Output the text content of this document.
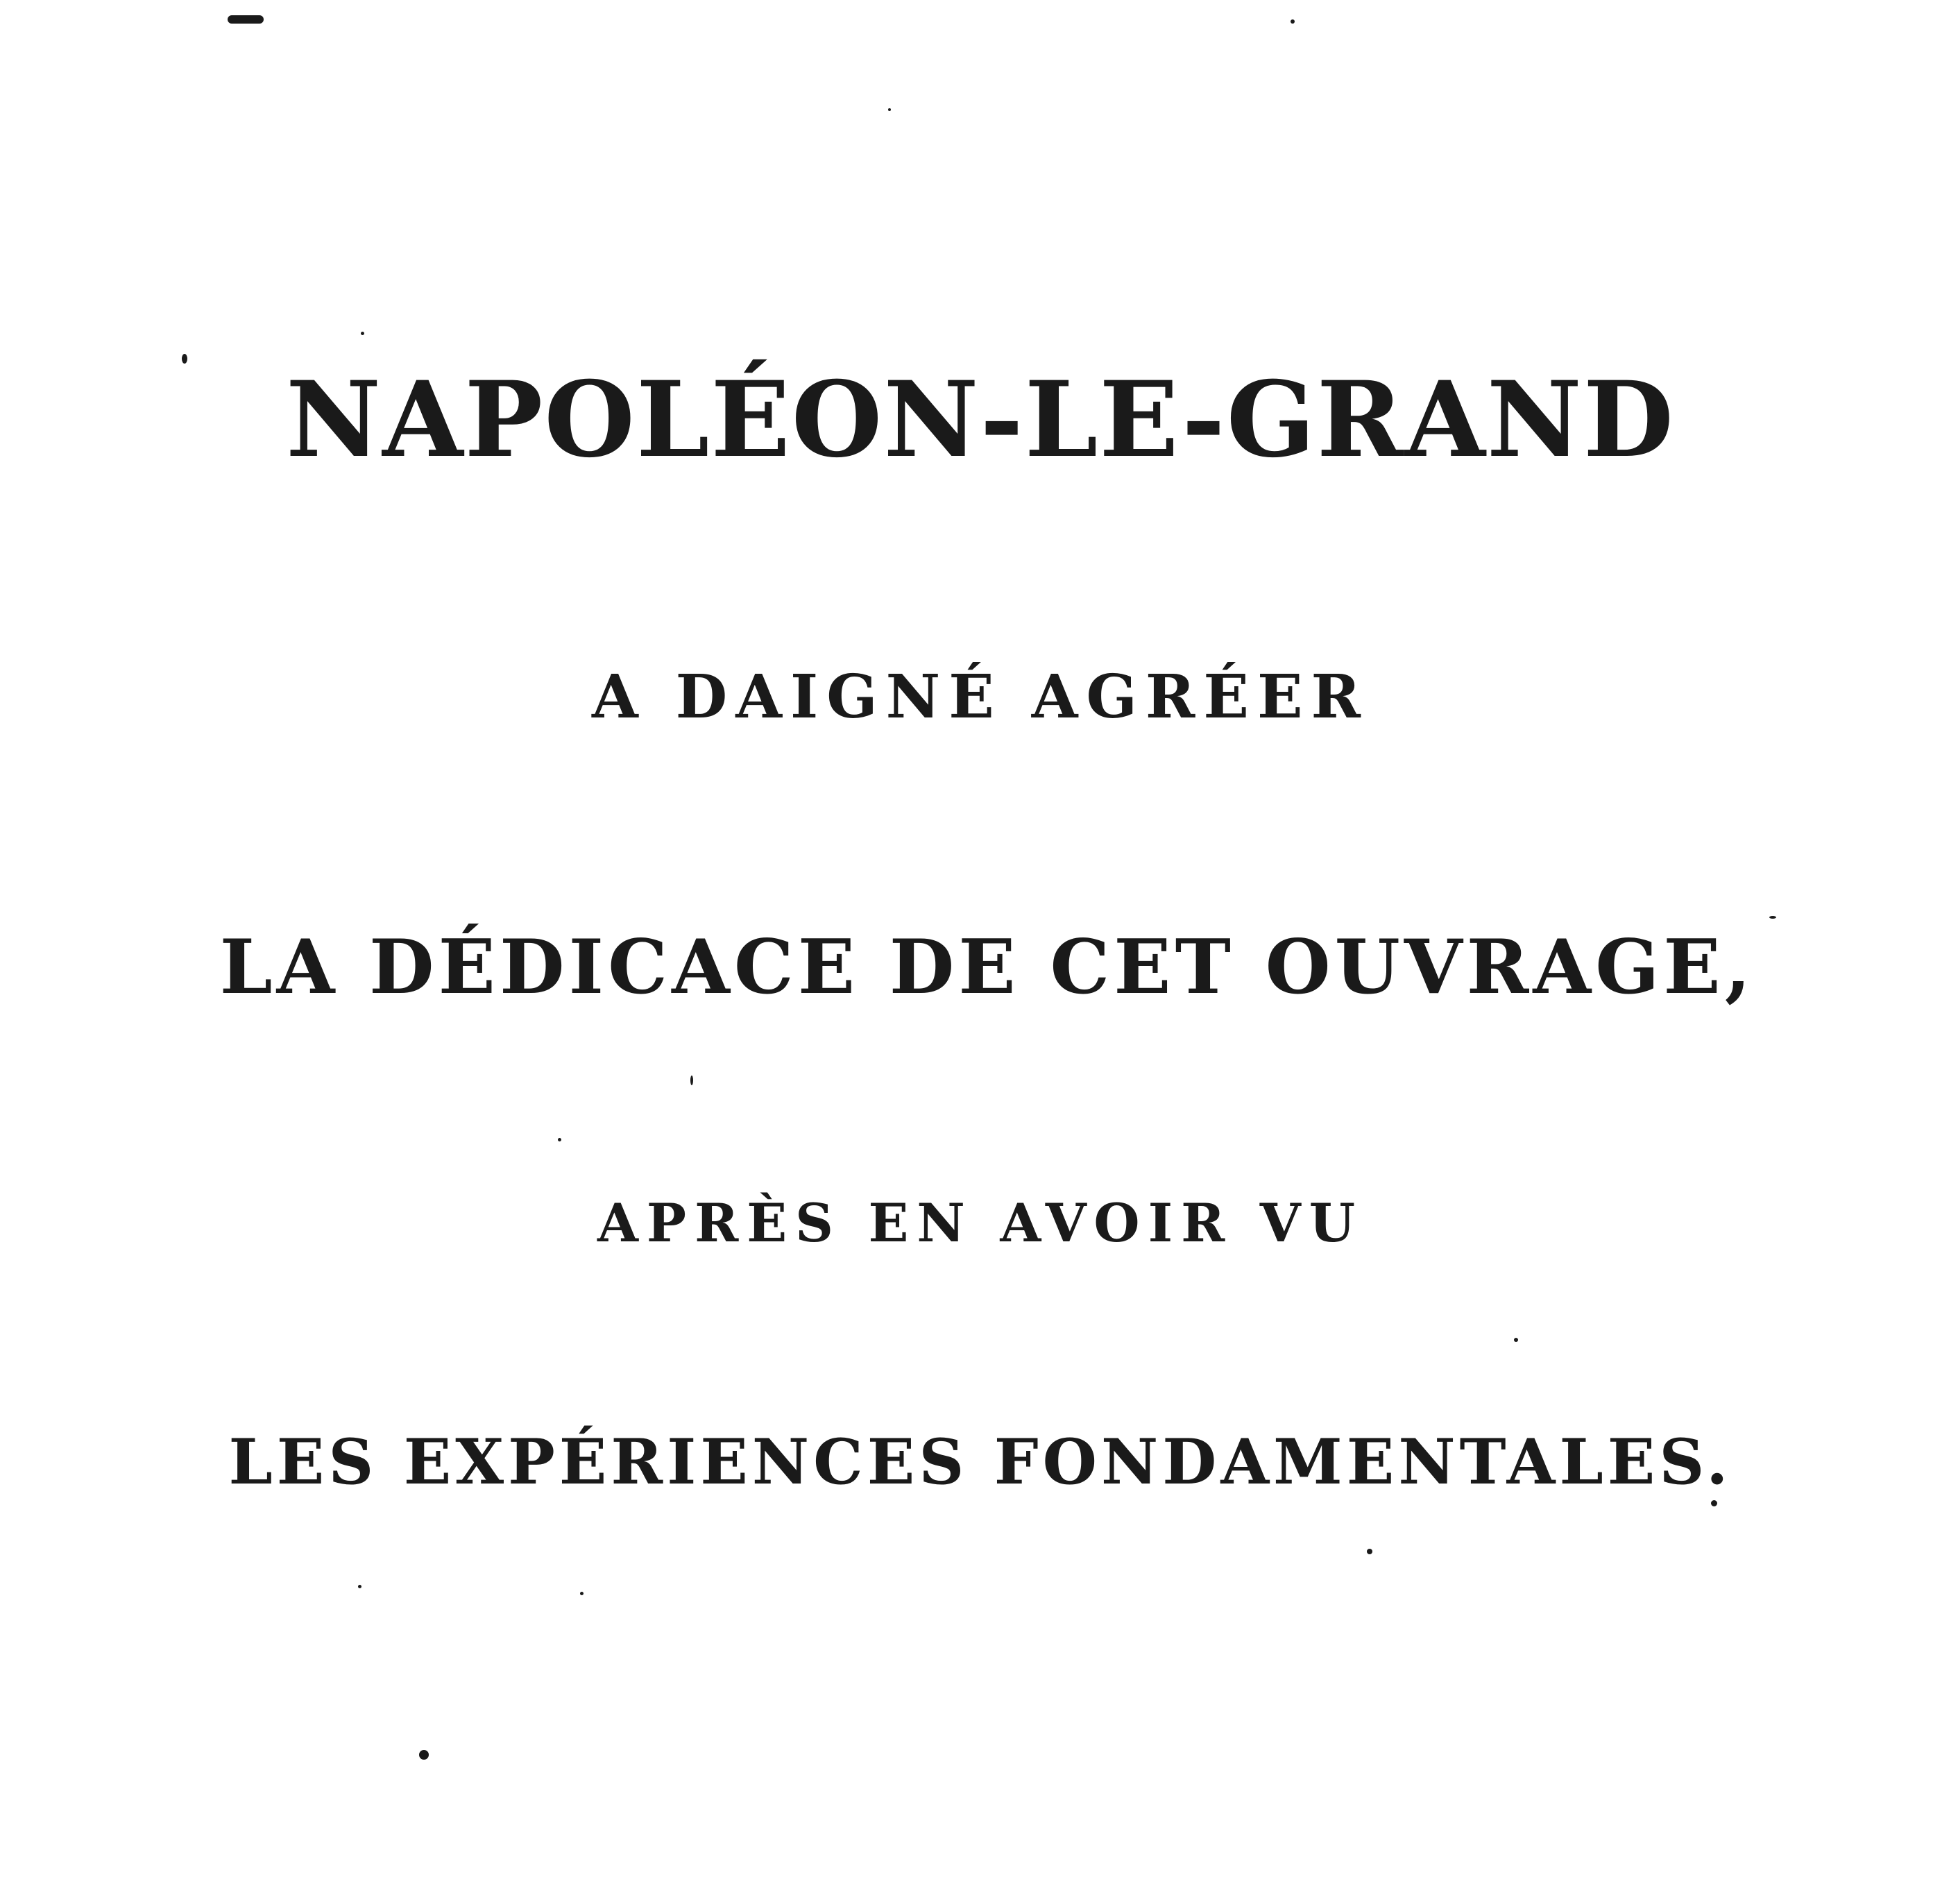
NAPOLÉON-LE-GRAND
A DAIGNÉ AGRÉER
LA DÉDICACE DE CET OUVRAGE,
APRÈS EN AVOIR VU
LES EXPÉRIENCES FONDAMENTALES.
